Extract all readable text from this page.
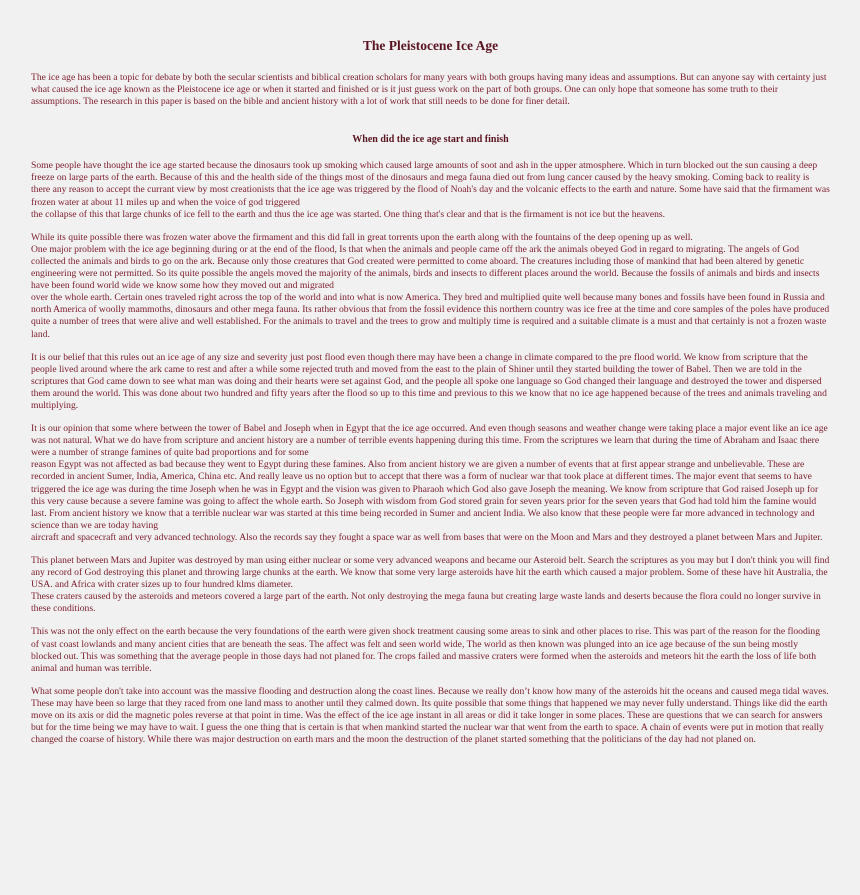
The Pleistocene Ice Age

The ice age has been a topic for debate by both the secular scientists and biblical creation scholars for many years with both groups having many ideas and assumptions. But can anyone say with certainty just what caused the ice age known as the Pleistocene ice age or when it started and finished or is it just guess work on the part of both groups. One can only hope that someone has some truth to their assumptions. The research in this paper is based on the bible and ancient history with a lot of work that still needs to be done for finer detail.

When did the ice age start and finish

Some people have thought the ice age started because the dinosaurs took up smoking which caused large amounts of soot and ash in the upper atmosphere. Which in turn blocked out the sun causing a deep freeze on large parts of the earth. Because of this and the health side of the things most of the dinosaurs and mega fauna died out from lung cancer caused by the heavy smoking. Coming back to reality is there any reason to accept the currant view by most creationists that the ice age was triggered by the flood of Noah's day and the volcanic effects to the earth and nature. Some have said that the firmament was frozen water at about 11 miles up and when the voice of god triggered
the collapse of this that large chunks of ice fell to the earth and thus the ice age was started. One thing that's clear and that is the firmament is not ice but the heavens.

While its quite possible there was frozen water above the firmament and this did fall in great torrents upon the earth along with the fountains of the deep opening up as well.
One major problem with the ice age beginning during or at the end of the flood, Is that when the animals and people came off the ark the animals obeyed God in regard to migrating. The angels of God collected the animals and birds to go on the ark. Because only those creatures that God created were permitted to come aboard. The creatures including those of mankind that had been altered by genetic engineering were not permitted. So its quite possible the angels moved the majority of the animals, birds and insects to different places around the world. Because the fossils of animals and birds and insects have been found world wide we know some how they moved out and migrated
over the whole earth. Certain ones traveled right across the top of the world and into what is now America. They bred and multiplied quite well because many bones and fossils have been found in Russia and north America of woolly mammoths, dinosaurs and other mega fauna. Its rather obvious that from the fossil evidence this northern country was ice free at the time and core samples of the poles have produced quite a number of trees that were alive and well established. For the animals to travel and the trees to grow and multiply time is required and a suitable climate is a must and that certainly is not a frozen waste land.

It is our belief that this rules out an ice age of any size and severity just post flood even though there may have been a change in climate compared to the pre flood world. We know from scripture that the people lived around where the ark came to rest and after a while some rejected truth and moved from the east to the plain of Shiner until they started building the tower of Babel. Then we are told in the scriptures that God came down to see what man was doing and their hearts were set against God, and the people all spoke one language so God changed their language and destroyed the tower and dispersed them around the world. This was done about two hundred and fifty years after the flood so up to this time and previous to this we know that no ice age happened because of the trees and animals traveling and multiplying.

It is our opinion that some where between the tower of Babel and Joseph when in Egypt that the ice age occurred. And even though seasons and weather change were taking place a major event like an ice age was not natural. What we do have from scripture and ancient history are a number of terrible events happening during this time. From the scriptures we learn that during the time of Abraham and Isaac there were a number of strange famines of quite bad proportions and for some
reason Egypt was not affected as bad because they went to Egypt during these famines. Also from ancient history we are given a number of events that at first appear strange and unbelievable. These are recorded in ancient Sumer, India, America, China etc. And really leave us no option but to accept that there was a form of nuclear war that took place at different times. The major event that seems to have triggered the ice age was during the time Joseph when he was in Egypt and the vision was given to Pharaoh which God also gave Joseph the meaning. We know from scripture that God raised Joseph up for this very cause because a severe famine was going to affect the whole earth. So Joseph with wisdom from God stored grain for seven years prior for the seven years that God had told him the famine would last. From ancient history we know that a terrible nuclear war was started at this time being recorded in Sumer and ancient India. We also know that these people were far more advanced in technology and science than we are today having
aircraft and spacecraft and very advanced technology. Also the records say they fought a space war as well from bases that were on the Moon and Mars and they destroyed a planet between Mars and Jupiter.

This planet between Mars and Jupiter was destroyed by man using either nuclear or some very advanced weapons and became our Asteroid belt. Search the scriptures as you may but I don't think you will find any record of God destroying this planet and throwing large chunks at the earth. We know that some very large asteroids have hit the earth which caused a major problem. Some of these have hit Australia, the USA. and Africa with crater sizes up to four hundred klms diameter.
These craters caused by the asteroids and meteors covered a large part of the earth. Not only destroying the mega fauna but creating large waste lands and deserts because the flora could no longer survive in these conditions.

This was not the only effect on the earth because the very foundations of the earth were given shock treatment causing some areas to sink and other places to rise. This was part of the reason for the flooding of vast coast lowlands and many ancient cities that are beneath the seas. The affect was felt and seen world wide, The world as then known was plunged into an ice age because of the sun being mostly blocked out. This was something that the average people in those days had not planed for. The crops failed and massive craters were formed when the asteroids and meteors hit the earth the loss of life both animal and human was terrible.

What some people don't take into account was the massive flooding and destruction along the coast lines. Because we really don’t know how many of the asteroids hit the oceans and caused mega tidal waves. These may have been so large that they raced from one land mass to another until they calmed down. Its quite possible that some things that happened we may never fully understand. Things like did the earth move on its axis or did the magnetic poles reverse at that point in time. Was the effect of the ice age instant in all areas or did it take longer in some places. These are questions that we can search for answers but for the time being we may have to wait. I guess the one thing that is certain is that when mankind started the nuclear war that went from the earth to space. A chain of events were put in motion that really changed the coarse of history. While there was major destruction on earth mars and the moon the destruction of the planet started something that the politicians of the day had not planed on.
